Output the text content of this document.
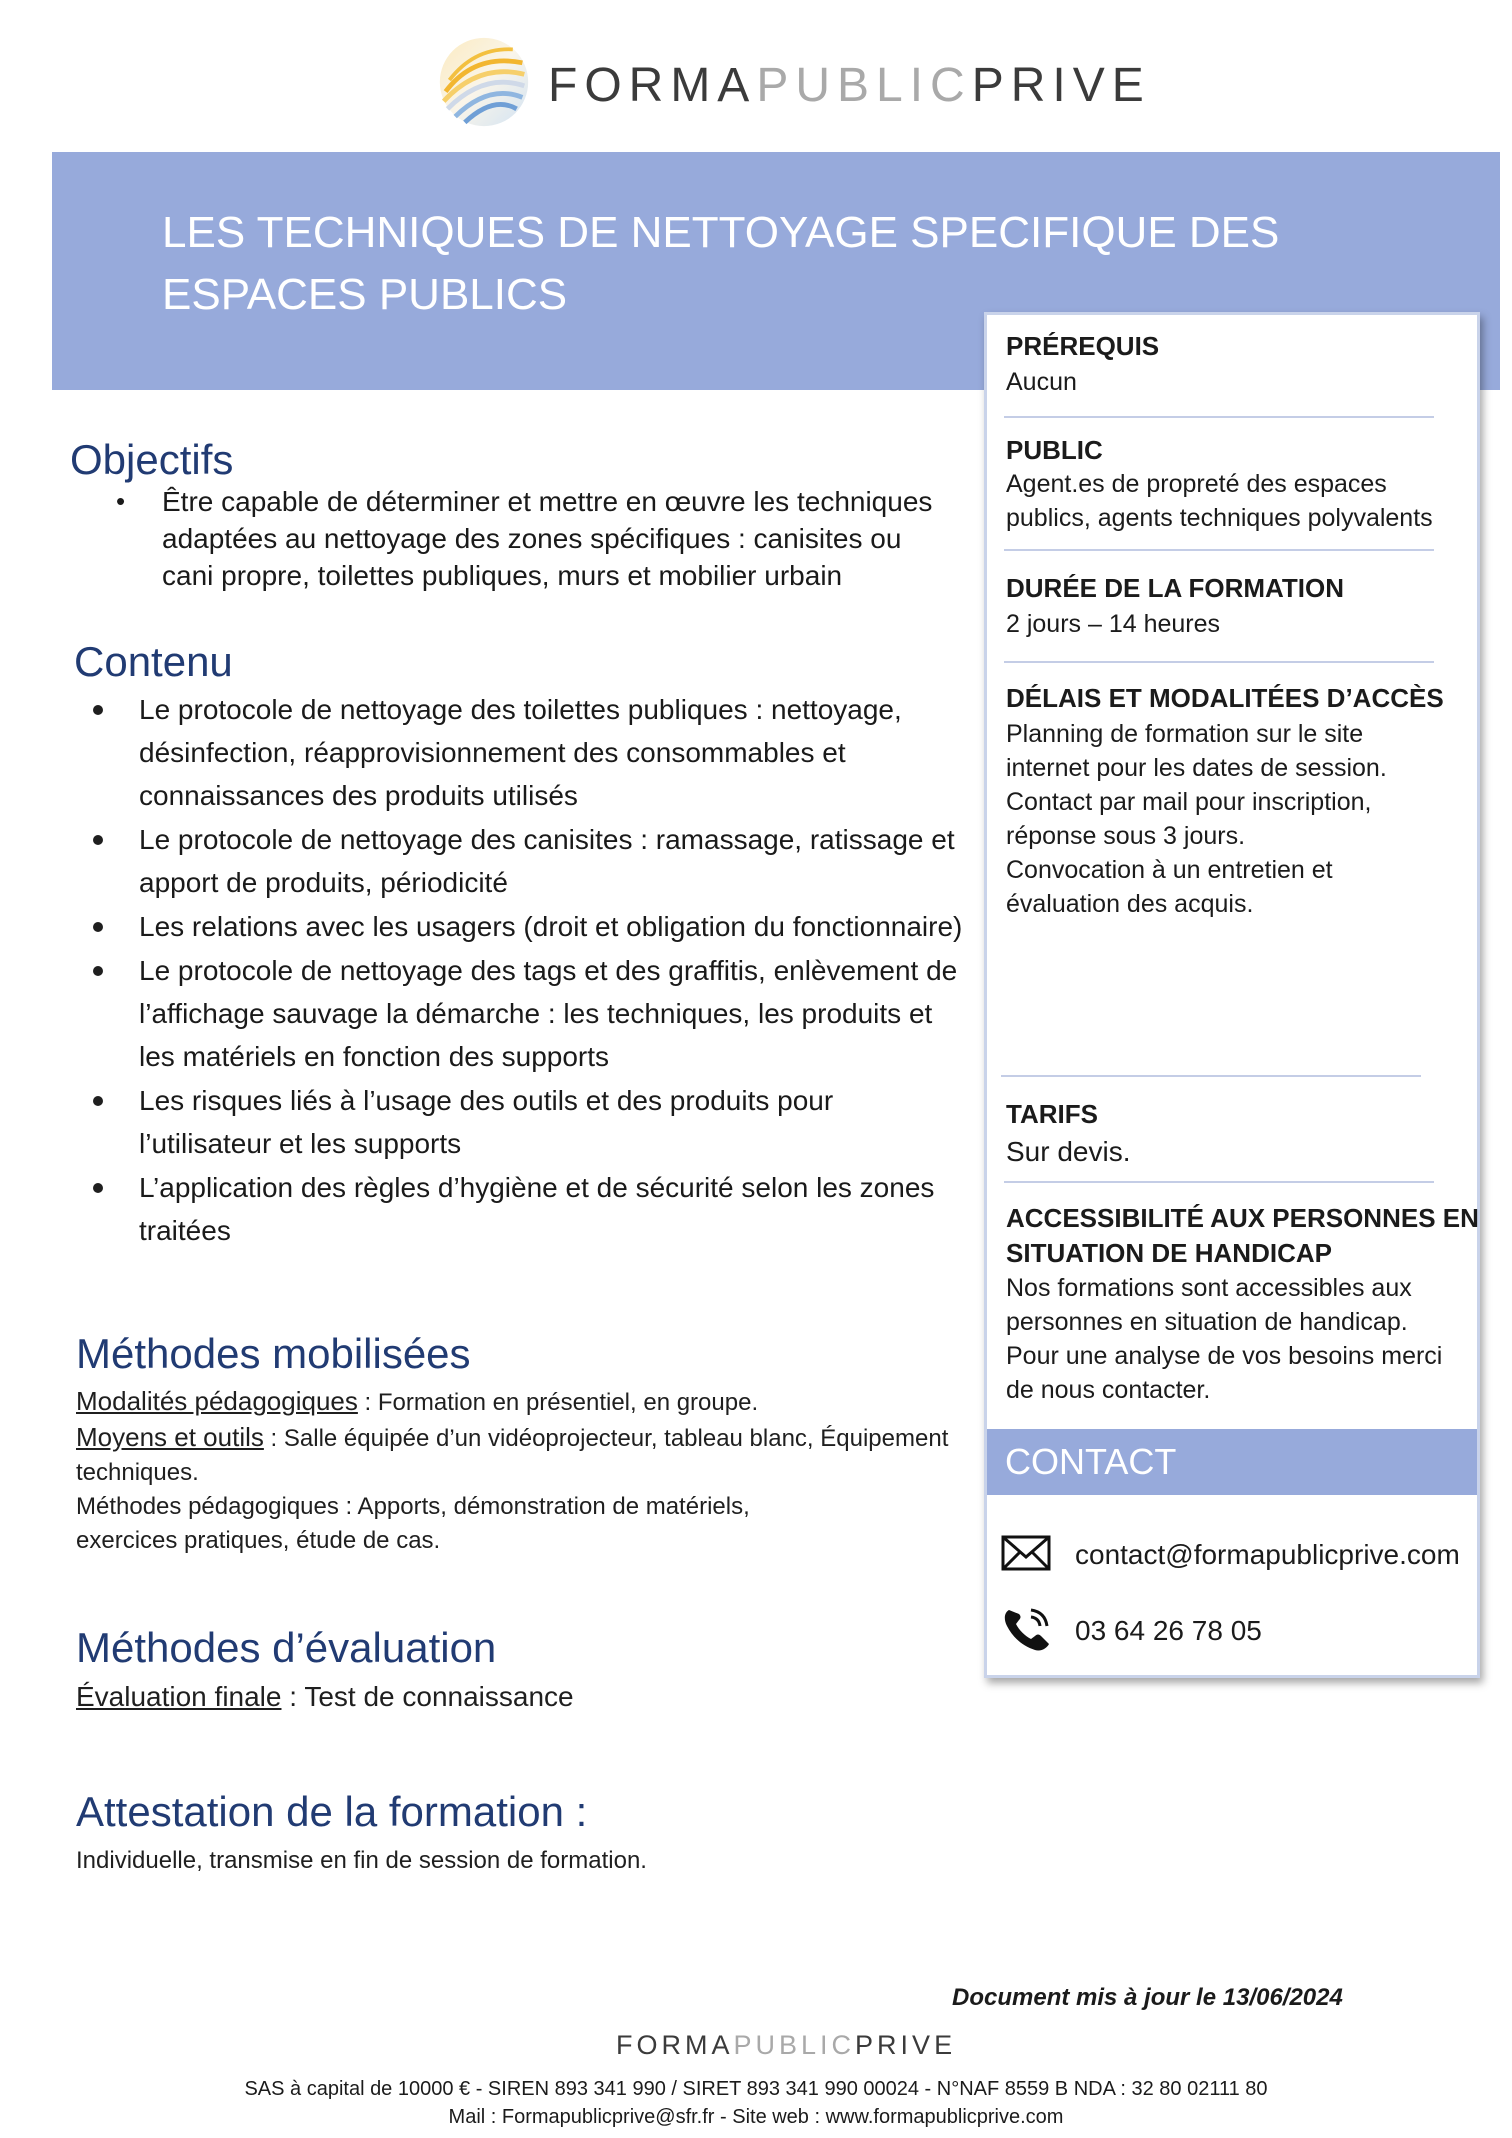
FORMAPUBLICPRIVE
LES TECHNIQUES DE NETTOYAGE SPECIFIQUE DES ESPACES PUBLICS
Objectifs
• Être capable de déterminer et mettre en œuvre les techniques adaptées au nettoyage des zones spécifiques : canisites ou cani propre, toilettes publiques, murs et mobilier urbain
Contenu
Le protocole de nettoyage des toilettes publiques : nettoyage, désinfection, réapprovisionnement des consommables et connaissances des produits utilisés
Le protocole de nettoyage des canisites : ramassage, ratissage et apport de produits, périodicité
Les relations avec les usagers (droit et obligation du fonctionnaire)
Le protocole de nettoyage des tags et des graffitis, enlèvement de l’affichage sauvage la démarche : les techniques, les produits et les matériels en fonction des supports
Les risques liés à l’usage des outils et des produits pour l’utilisateur et les supports
L’application des règles d’hygiène et de sécurité selon les zones traitées
Méthodes mobilisées
Modalités pédagogiques : Formation en présentiel, en groupe.
Moyens et outils : Salle équipée d’un vidéoprojecteur, tableau blanc, Équipement techniques.
Méthodes pédagogiques : Apports, démonstration de matériels, exercices pratiques, étude de cas.
Méthodes d’évaluation
Évaluation finale : Test de connaissance
Attestation de la formation :
Individuelle, transmise en fin de session de formation.
PRÉREQUIS
Aucun
PUBLIC
Agent.es de propreté des espaces publics, agents techniques polyvalents
DURÉE DE LA FORMATION
2 jours – 14 heures
DÉLAIS ET MODALITÉES D’ACCÈS
Planning de formation sur le site internet pour les dates de session.
Contact par mail pour inscription, réponse sous 3 jours.
Convocation à un entretien et évaluation des acquis.
TARIFS
Sur devis.
ACCESSIBILITÉ AUX PERSONNES EN
SITUATION DE HANDICAP
Nos formations sont accessibles aux personnes en situation de handicap. Pour une analyse de vos besoins merci de nous contacter.
CONTACT
contact@formapublicprive.com
03 64 26 78 05
Document mis à jour le 13/06/2024
FORMAPUBLICPRIVE
SAS à capital de 10000 € - SIREN 893 341 990 / SIRET 893 341 990 00024 - N°NAF 8559 B NDA : 32 80 02111 80
Mail : Formapublicprive@sfr.fr - Site web : www.formapublicprive.com
